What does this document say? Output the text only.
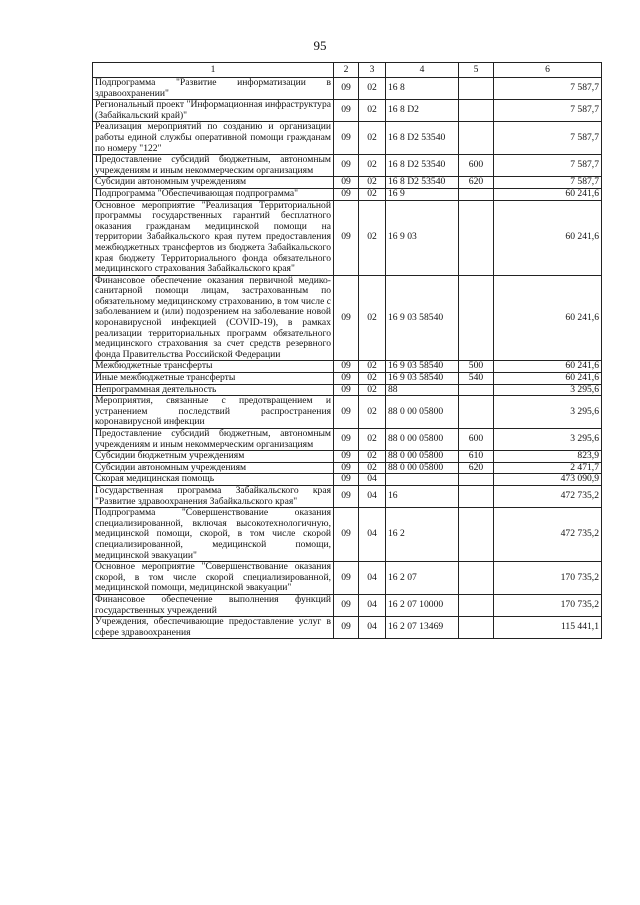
95
1	2	3	4	5	6
Подпрограмма "Развитие информатизации в здравоохранении"	09	02	16 8		7 587,7
Региональный проект "Информационная инфраструктура (Забайкальский край)"	09	02	16 8 D2		7 587,7
Реализация мероприятий по созданию и организации работы единой службы оперативной помощи гражданам по номеру "122"	09	02	16 8 D2 53540		7 587,7
Предоставление субсидий бюджетным, автономным учреждениям и иным некоммерческим организациям	09	02	16 8 D2 53540	600	7 587,7
Субсидии автономным учреждениям	09	02	16 8 D2 53540	620	7 587,7
Подпрограмма "Обеспечивающая подпрограмма"	09	02	16 9		60 241,6
Основное мероприятие "Реализация Территориальной программы государственных гарантий бесплатного оказания гражданам медицинской помощи на территории Забайкальского края путем предоставления межбюджетных трансфертов из бюджета Забайкальского края бюджету Территориального фонда обязательного медицинского страхования Забайкальского края"	09	02	16 9 03		60 241,6
Финансовое обеспечение оказания первичной медико-санитарной помощи лицам, застрахованным по обязательному медицинскому страхованию, в том числе с заболеванием и (или) подозрением на заболевание новой коронавирусной инфекцией (COVID-19), в рамках реализации территориальных программ обязательного медицинского страхования за счет средств резервного фонда Правительства Российской Федерации	09	02	16 9 03 58540		60 241,6
Межбюджетные трансферты	09	02	16 9 03 58540	500	60 241,6
Иные межбюджетные трансферты	09	02	16 9 03 58540	540	60 241,6
Непрограммная деятельность	09	02	88		3 295,6
Мероприятия, связанные с предотвращением и устранением последствий распространения коронавирусной инфекции	09	02	88 0 00 05800		3 295,6
Предоставление субсидий бюджетным, автономным учреждениям и иным некоммерческим организациям	09	02	88 0 00 05800	600	3 295,6
Субсидии бюджетным учреждениям	09	02	88 0 00 05800	610	823,9
Субсидии автономным учреждениям	09	02	88 0 00 05800	620	2 471,7
Скорая медицинская помощь	09	04			473 090,9
Государственная программа Забайкальского края "Развитие здравоохранения Забайкальского края"	09	04	16		472 735,2
Подпрограмма "Совершенствование оказания специализированной, включая высокотехнологичную, медицинской помощи, скорой, в том числе скорой специализированной, медицинской помощи, медицинской эвакуации"	09	04	16 2		472 735,2
Основное мероприятие "Совершенствование оказания скорой, в том числе скорой специализированной, медицинской помощи, медицинской эвакуации"	09	04	16 2 07		170 735,2
Финансовое обеспечение выполнения функций государственных учреждений	09	04	16 2 07 10000		170 735,2
Учреждения, обеспечивающие предоставление услуг в сфере здравоохранения	09	04	16 2 07 13469		115 441,1
